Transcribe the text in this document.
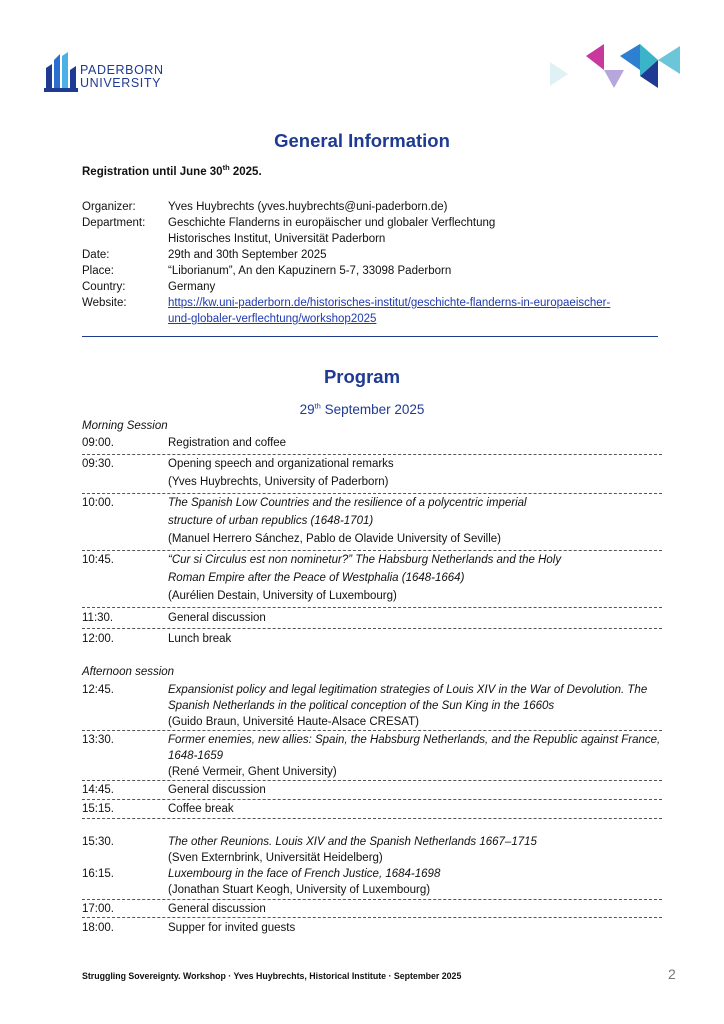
PADERBORN
UNIVERSITY
General Information
Registration until June 30th 2025.
Organizer:	Yves Huybrechts (yves.huybrechts@uni-paderborn.de)
Department:	Geschichte Flanderns in europäischer und globaler Verflechtung
Historisches Institut, Universität Paderborn
Date:	29th and 30th September 2025
Place:	“Liborianum”, An den Kapuzinern 5-7, 33098 Paderborn
Country:	Germany
Website:	https://kw.uni-paderborn.de/historisches-institut/geschichte-flanderns-in-europaeischer-
und-globaler-verflechtung/workshop2025
Program
29th September 2025
Morning Session
09:00.	Registration and coffee
09:30.	Opening speech and organizational remarks
(Yves Huybrechts, University of Paderborn)
10:00.	The Spanish Low Countries and the resilience of a polycentric imperial
structure of urban republics (1648-1701)
(Manuel Herrero Sánchez, Pablo de Olavide University of Seville)
10:45.	“Cur si Circulus est non nominetur?” The Habsburg Netherlands and the Holy
Roman Empire after the Peace of Westphalia (1648-1664)
(Aurélien Destain, University of Luxembourg)
11:30.	General discussion
12:00.	Lunch break
Afternoon session
12:45.	Expansionist policy and legal legitimation strategies of Louis XIV in the War of Devolution. The
Spanish Netherlands in the political conception of the Sun King in the 1660s
(Guido Braun, Université Haute-Alsace CRESAT)
13:30.	Former enemies, new allies: Spain, the Habsburg Netherlands, and the Republic against France,
1648-1659
(René Vermeir, Ghent University)
14:45.	General discussion
15:15.	Coffee break
15:30.	The other Reunions. Louis XIV and the Spanish Netherlands 1667–1715
(Sven Externbrink, Universität Heidelberg)
16:15.	Luxembourg in the face of French Justice, 1684-1698
(Jonathan Stuart Keogh, University of Luxembourg)
17:00.	General discussion
18:00.	Supper for invited guests
Struggling Sovereignty. Workshop · Yves Huybrechts, Historical Institute · September 2025	2
